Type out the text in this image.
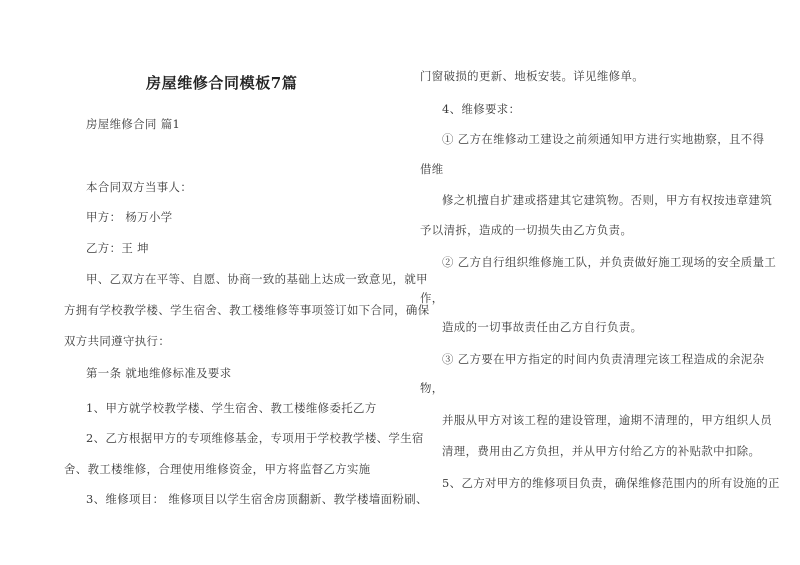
房屋维修合同模板7篇
房屋维修合同 篇1
本合同双方当事人：
甲方： 杨万小学
乙方：王 坤
甲、乙双方在平等、自愿、协商一致的基础上达成一致意见，就甲
方拥有学校教学楼、学生宿舍、教工楼维修等事项签订如下合同，确保
双方共同遵守执行：
第一条 就地维修标准及要求
1、甲方就学校教学楼、学生宿舍、教工楼维修委托乙方
2、乙方根据甲方的专项维修基金，专项用于学校教学楼、学生宿
舍、教工楼维修，合理使用维修资金，甲方将监督乙方实施
3、维修项目： 维修项目以学生宿舍房顶翻新、教学楼墙面粉刷、
门窗破损的更新、地板安装。详见维修单。
4、维修要求：
① 乙方在维修动工建设之前须通知甲方进行实地勘察，且不得
借维
修之机擅自扩建或搭建其它建筑物。否则，甲方有权按违章建筑
予以清拆，造成的一切损失由乙方负责。
② 乙方自行组织维修施工队，并负责做好施工现场的安全质量工
作，
造成的一切事故责任由乙方自行负责。
③ 乙方要在甲方指定的时间内负责清理完该工程造成的余泥杂
物，
并服从甲方对该工程的建设管理，逾期不清理的，甲方组织人员
清理，费用由乙方负担，并从甲方付给乙方的补贴款中扣除。
5、乙方对甲方的维修项目负责，确保维修范围内的所有设施的正
